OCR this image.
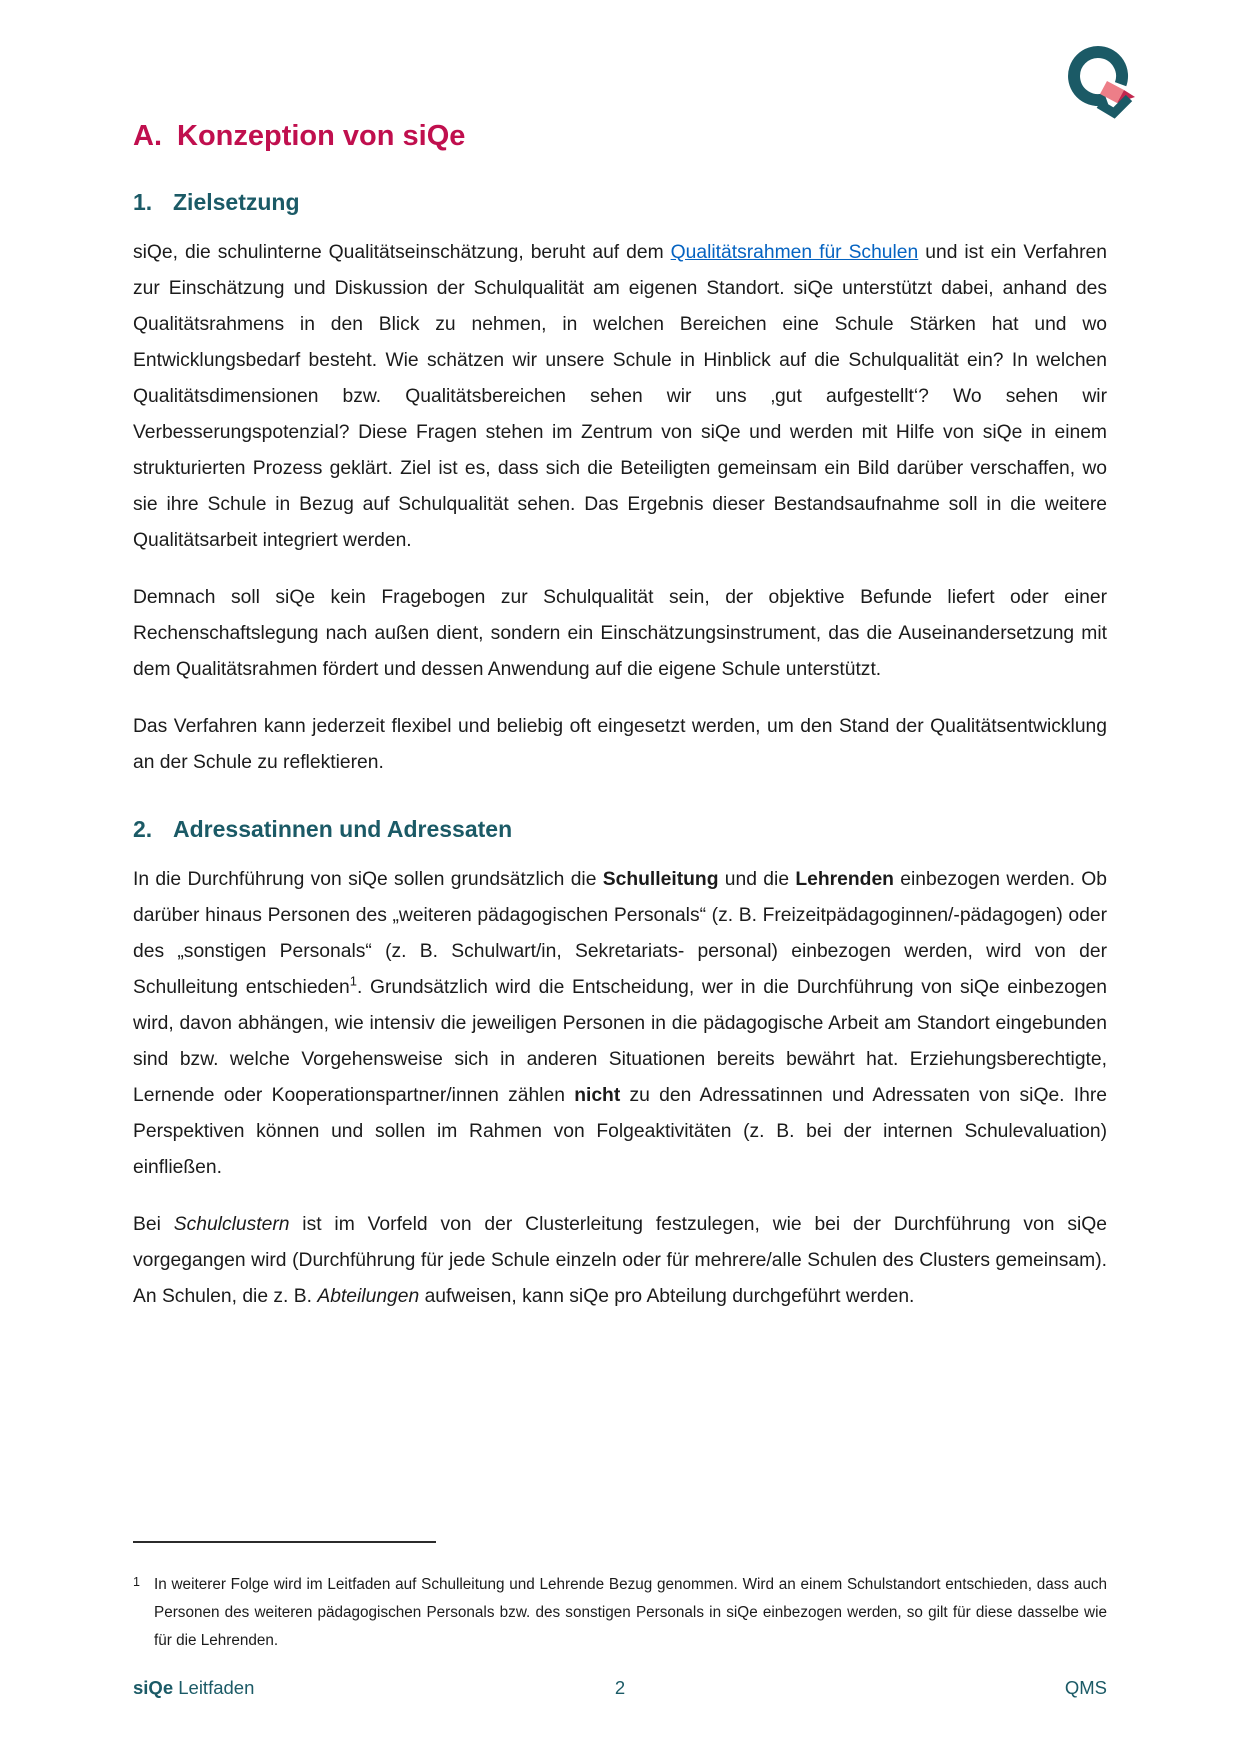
A. Konzeption von siQe
1. Zielsetzung

siQe, die schulinterne Qualitätseinschätzung, beruht auf dem Qualitätsrahmen für Schulen und ist ein Verfahren zur Einschätzung und Diskussion der Schulqualität am eigenen Standort. siQe unterstützt dabei, anhand des Qualitätsrahmens in den Blick zu nehmen, in welchen Bereichen eine Schule Stärken hat und wo Entwicklungsbedarf besteht. Wie schätzen wir unsere Schule in Hinblick auf die Schulqualität ein? In welchen Qualitätsdimensionen bzw. Qualitätsbereichen sehen wir uns ‚gut aufgestellt‘? Wo sehen wir Verbesserungspotenzial? Diese Fragen stehen im Zentrum von siQe und werden mit Hilfe von siQe in einem strukturierten Prozess geklärt. Ziel ist es, dass sich die Beteiligten gemeinsam ein Bild darüber verschaffen, wo sie ihre Schule in Bezug auf Schulqualität sehen. Das Ergebnis dieser Bestandsaufnahme soll in die weitere Qualitätsarbeit integriert werden.

Demnach soll siQe kein Fragebogen zur Schulqualität sein, der objektive Befunde liefert oder einer Rechenschaftslegung nach außen dient, sondern ein Einschätzungsinstrument, das die Auseinandersetzung mit dem Qualitätsrahmen fördert und dessen Anwendung auf die eigene Schule unterstützt.

Das Verfahren kann jederzeit flexibel und beliebig oft eingesetzt werden, um den Stand der Qualitätsentwicklung an der Schule zu reflektieren.

2. Adressatinnen und Adressaten

In die Durchführung von siQe sollen grundsätzlich die Schulleitung und die Lehrenden einbezogen werden. Ob darüber hinaus Personen des „weiteren pädagogischen Personals“ (z. B. Freizeitpädagoginnen/-pädagogen) oder des „sonstigen Personals“ (z. B. Schulwart/in, Sekretariats- personal) einbezogen werden, wird von der Schulleitung entschieden$^1$. Grundsätzlich wird die Entscheidung, wer in die Durchführung von siQe einbezogen wird, davon abhängen, wie intensiv die jeweiligen Personen in die pädagogische Arbeit am Standort eingebunden sind bzw. welche Vorgehensweise sich in anderen Situationen bereits bewährt hat. Erziehungsberechtigte, Lernende oder Kooperationspartner/innen zählen nicht zu den Adressatinnen und Adressaten von siQe. Ihre Perspektiven können und sollen im Rahmen von Folgeaktivitäten (z. B. bei der internen Schulevaluation) einfließen.

Bei Schulclustern ist im Vorfeld von der Clusterleitung festzulegen, wie bei der Durchführung von siQe vorgegangen wird (Durchführung für jede Schule einzeln oder für mehrere/alle Schulen des Clusters gemeinsam). An Schulen, die z. B. Abteilungen aufweisen, kann siQe pro Abteilung durchgeführt werden.

1 In weiterer Folge wird im Leitfaden auf Schulleitung und Lehrende Bezug genommen. Wird an einem Schulstandort entschieden, dass auch Personen des weiteren pädagogischen Personals bzw. des sonstigen Personals in siQe einbezogen werden, so gilt für diese dasselbe wie für die Lehrenden.
siQe Leitfaden	2	QMS
